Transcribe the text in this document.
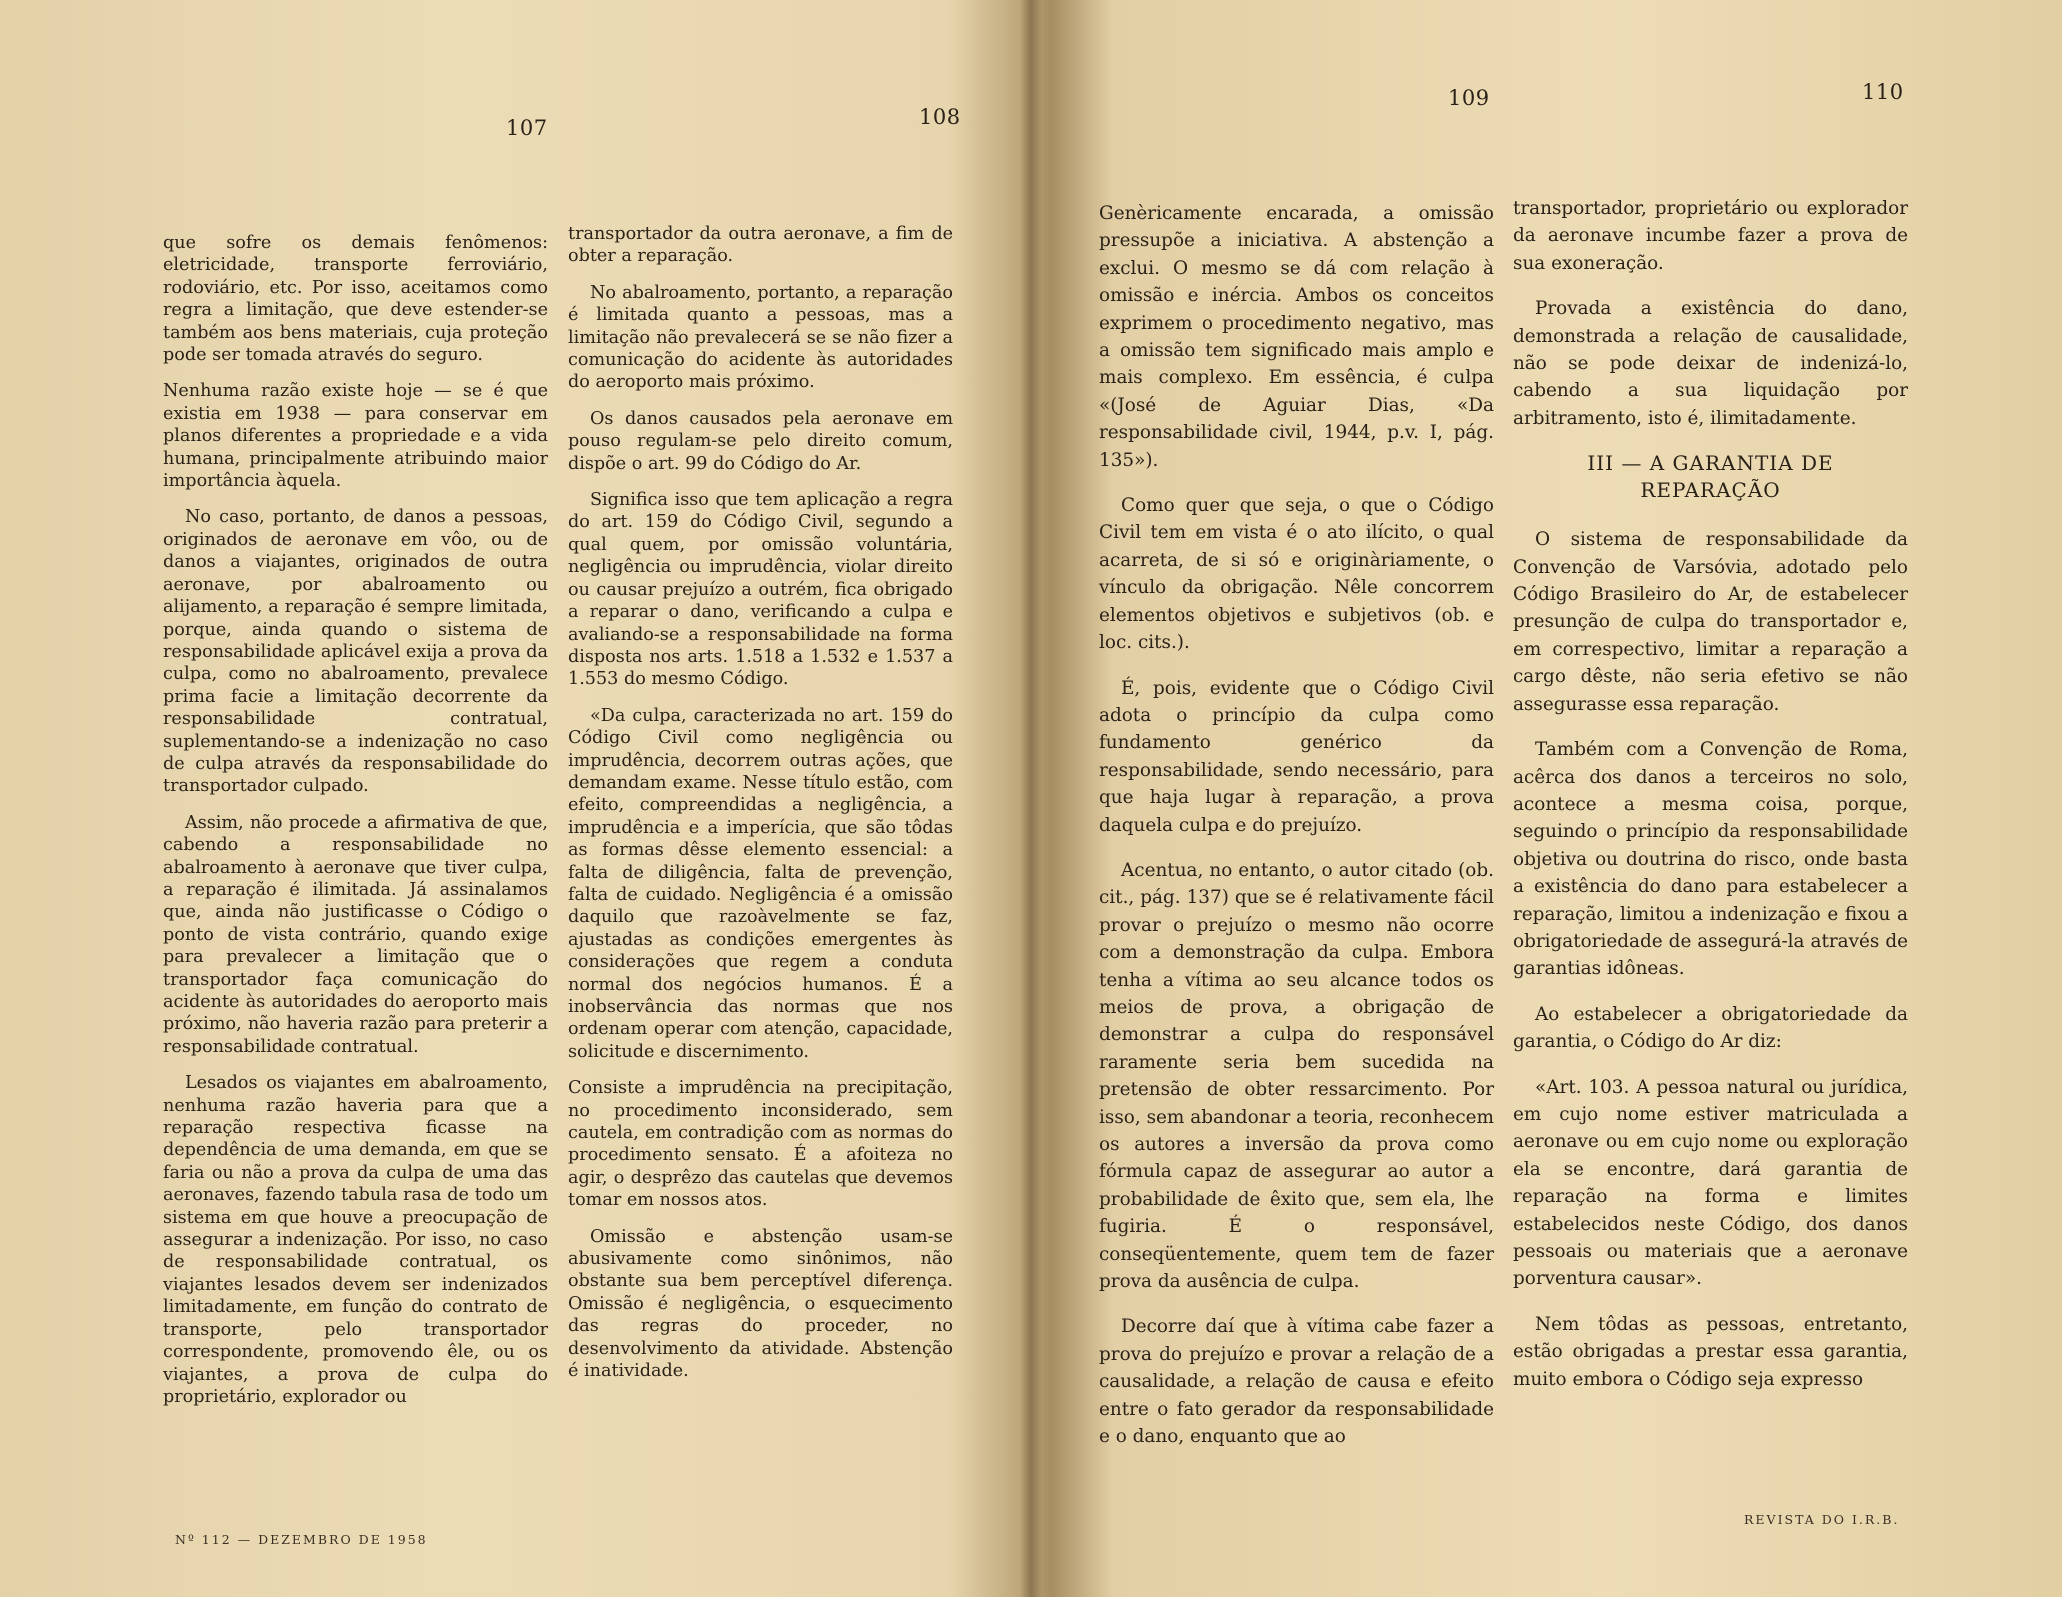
107	108
109	110

que sofre os demais fenômenos: eletricidade, transporte ferroviário, rodoviário, etc. Por isso, aceitamos como regra a limitação, que deve estender-se também aos bens materiais, cuja proteção pode ser tomada através do seguro.

Nenhuma razão existe hoje — se é que existia em 1938 — para conservar em planos diferentes a propriedade e a vida humana, principalmente atribuindo maior importância àquela.

No caso, portanto, de danos a pessoas, originados de aeronave em vôo, ou de danos a viajantes, originados de outra aeronave, por abalroamento ou alijamento, a reparação é sempre limitada, porque, ainda quando o sistema de responsabilidade aplicável exija a prova da culpa, como no abalroamento, prevalece prima facie a limitação decorrente da responsabilidade contratual, suplementando-se a indenização no caso de culpa através da responsabilidade do transportador culpado.

Assim, não procede a afirmativa de que, cabendo a responsabilidade no abalroamento à aeronave que tiver culpa, a reparação é ilimitada. Já assinalamos que, ainda não justificasse o Código o ponto de vista contrário, quando exige para prevalecer a limitação que o transportador faça comunicação do acidente às autoridades do aeroporto mais próximo, não haveria razão para preterir a responsabilidade contratual.

Lesados os viajantes em abalroamento, nenhuma razão haveria para que a reparação respectiva ficasse na dependência de uma demanda, em que se faria ou não a prova da culpa de uma das aeronaves, fazendo tabula rasa de todo um sistema em que houve a preocupação de assegurar a indenização. Por isso, no caso de responsabilidade contratual, os viajantes lesados devem ser indenizados limitadamente, em função do contrato de transporte, pelo transportador correspondente, promovendo êle, ou os viajantes, a prova de culpa do proprietário, explorador ou

transportador da outra aeronave, a fim de obter a reparação.

No abalroamento, portanto, a reparação é limitada quanto a pessoas, mas a limitação não prevalecerá se se não fizer a comunicação do acidente às autoridades do aeroporto mais próximo.

Os danos causados pela aeronave em pouso regulam-se pelo direito comum, dispõe o art. 99 do Código do Ar.

Significa isso que tem aplicação a regra do art. 159 do Código Civil, segundo a qual quem, por omissão voluntária, negligência ou imprudência, violar direito ou causar prejuízo a outrém, fica obrigado a reparar o dano, verificando a culpa e avaliando-se a responsabilidade na forma disposta nos arts. 1.518 a 1.532 e 1.537 a 1.553 do mesmo Código.

«Da culpa, caracterizada no art. 159 do Código Civil como negligência ou imprudência, decorrem outras ações, que demandam exame. Nesse título estão, com efeito, compreendidas a negligência, a imprudência e a imperícia, que são tôdas as formas dêsse elemento essencial: a falta de diligência, falta de prevenção, falta de cuidado. Negligência é a omissão daquilo que razoàvelmente se faz, ajustadas as condições emergentes às considerações que regem a conduta normal dos negócios humanos. É a inobservância das normas que nos ordenam operar com atenção, capacidade, solicitude e discernimento.

Consiste a imprudência na precipitação, no procedimento inconsiderado, sem cautela, em contradição com as normas do procedimento sensato. É a afoiteza no agir, o desprêzo das cautelas que devemos tomar em nossos atos.

Omissão e abstenção usam-se abusivamente como sinônimos, não obstante sua bem perceptível diferença. Omissão é negligência, o esquecimento das regras do proceder, no desenvolvimento da atividade. Abstenção é inatividade.

Genèricamente encarada, a omissão pressupõe a iniciativa. A abstenção a exclui. O mesmo se dá com relação à omissão e inércia. Ambos os conceitos exprimem o procedimento negativo, mas a omissão tem significado mais amplo e mais complexo. Em essência, é culpa «(José de Aguiar Dias, «Da responsabilidade civil, 1944, p.v. I, pág. 135»).

Como quer que seja, o que o Código Civil tem em vista é o ato ilícito, o qual acarreta, de si só e originàriamente, o vínculo da obrigação. Nêle concorrem elementos objetivos e subjetivos (ob. e loc. cits.).

É, pois, evidente que o Código Civil adota o princípio da culpa como fundamento genérico da responsabilidade, sendo necessário, para que haja lugar à reparação, a prova daquela culpa e do prejuízo.

Acentua, no entanto, o autor citado (ob. cit., pág. 137) que se é relativamente fácil provar o prejuízo o mesmo não ocorre com a demonstração da culpa. Embora tenha a vítima ao seu alcance todos os meios de prova, a obrigação de demonstrar a culpa do responsável raramente seria bem sucedida na pretensão de obter ressarcimento. Por isso, sem abandonar a teoria, reconhecem os autores a inversão da prova como fórmula capaz de assegurar ao autor a probabilidade de êxito que, sem ela, lhe fugiria. É o responsável, conseqüentemente, quem tem de fazer prova da ausência de culpa.

Decorre daí que à vítima cabe fazer a prova do prejuízo e provar a relação de a causalidade, a relação de causa e efeito entre o fato gerador da responsabilidade e o dano, enquanto que ao

transportador, proprietário ou explorador da aeronave incumbe fazer a prova de sua exoneração.

Provada a existência do dano, demonstrada a relação de causalidade, não se pode deixar de indenizá-lo, cabendo a sua liquidação por arbitramento, isto é, ilimitadamente.

III — A GARANTIA DE
REPARAÇÃO

O sistema de responsabilidade da Convenção de Varsóvia, adotado pelo Código Brasileiro do Ar, de estabelecer presunção de culpa do transportador e, em correspectivo, limitar a reparação a cargo dêste, não seria efetivo se não assegurasse essa reparação.

Também com a Convenção de Roma, acêrca dos danos a terceiros no solo, acontece a mesma coisa, porque, seguindo o princípio da responsabilidade objetiva ou doutrina do risco, onde basta a existência do dano para estabelecer a reparação, limitou a indenização e fixou a obrigatoriedade de assegurá-la através de garantias idôneas.

Ao estabelecer a obrigatoriedade da garantia, o Código do Ar diz:

«Art. 103. A pessoa natural ou jurídica, em cujo nome estiver matriculada a aeronave ou em cujo nome ou exploração ela se encontre, dará garantia de reparação na forma e limites estabelecidos neste Código, dos danos pessoais ou materiais que a aeronave porventura causar».

Nem tôdas as pessoas, entretanto, estão obrigadas a prestar essa garantia, muito embora o Código seja expresso

Nº 112 — DEZEMBRO DE 1958
REVISTA DO I.R.B.
